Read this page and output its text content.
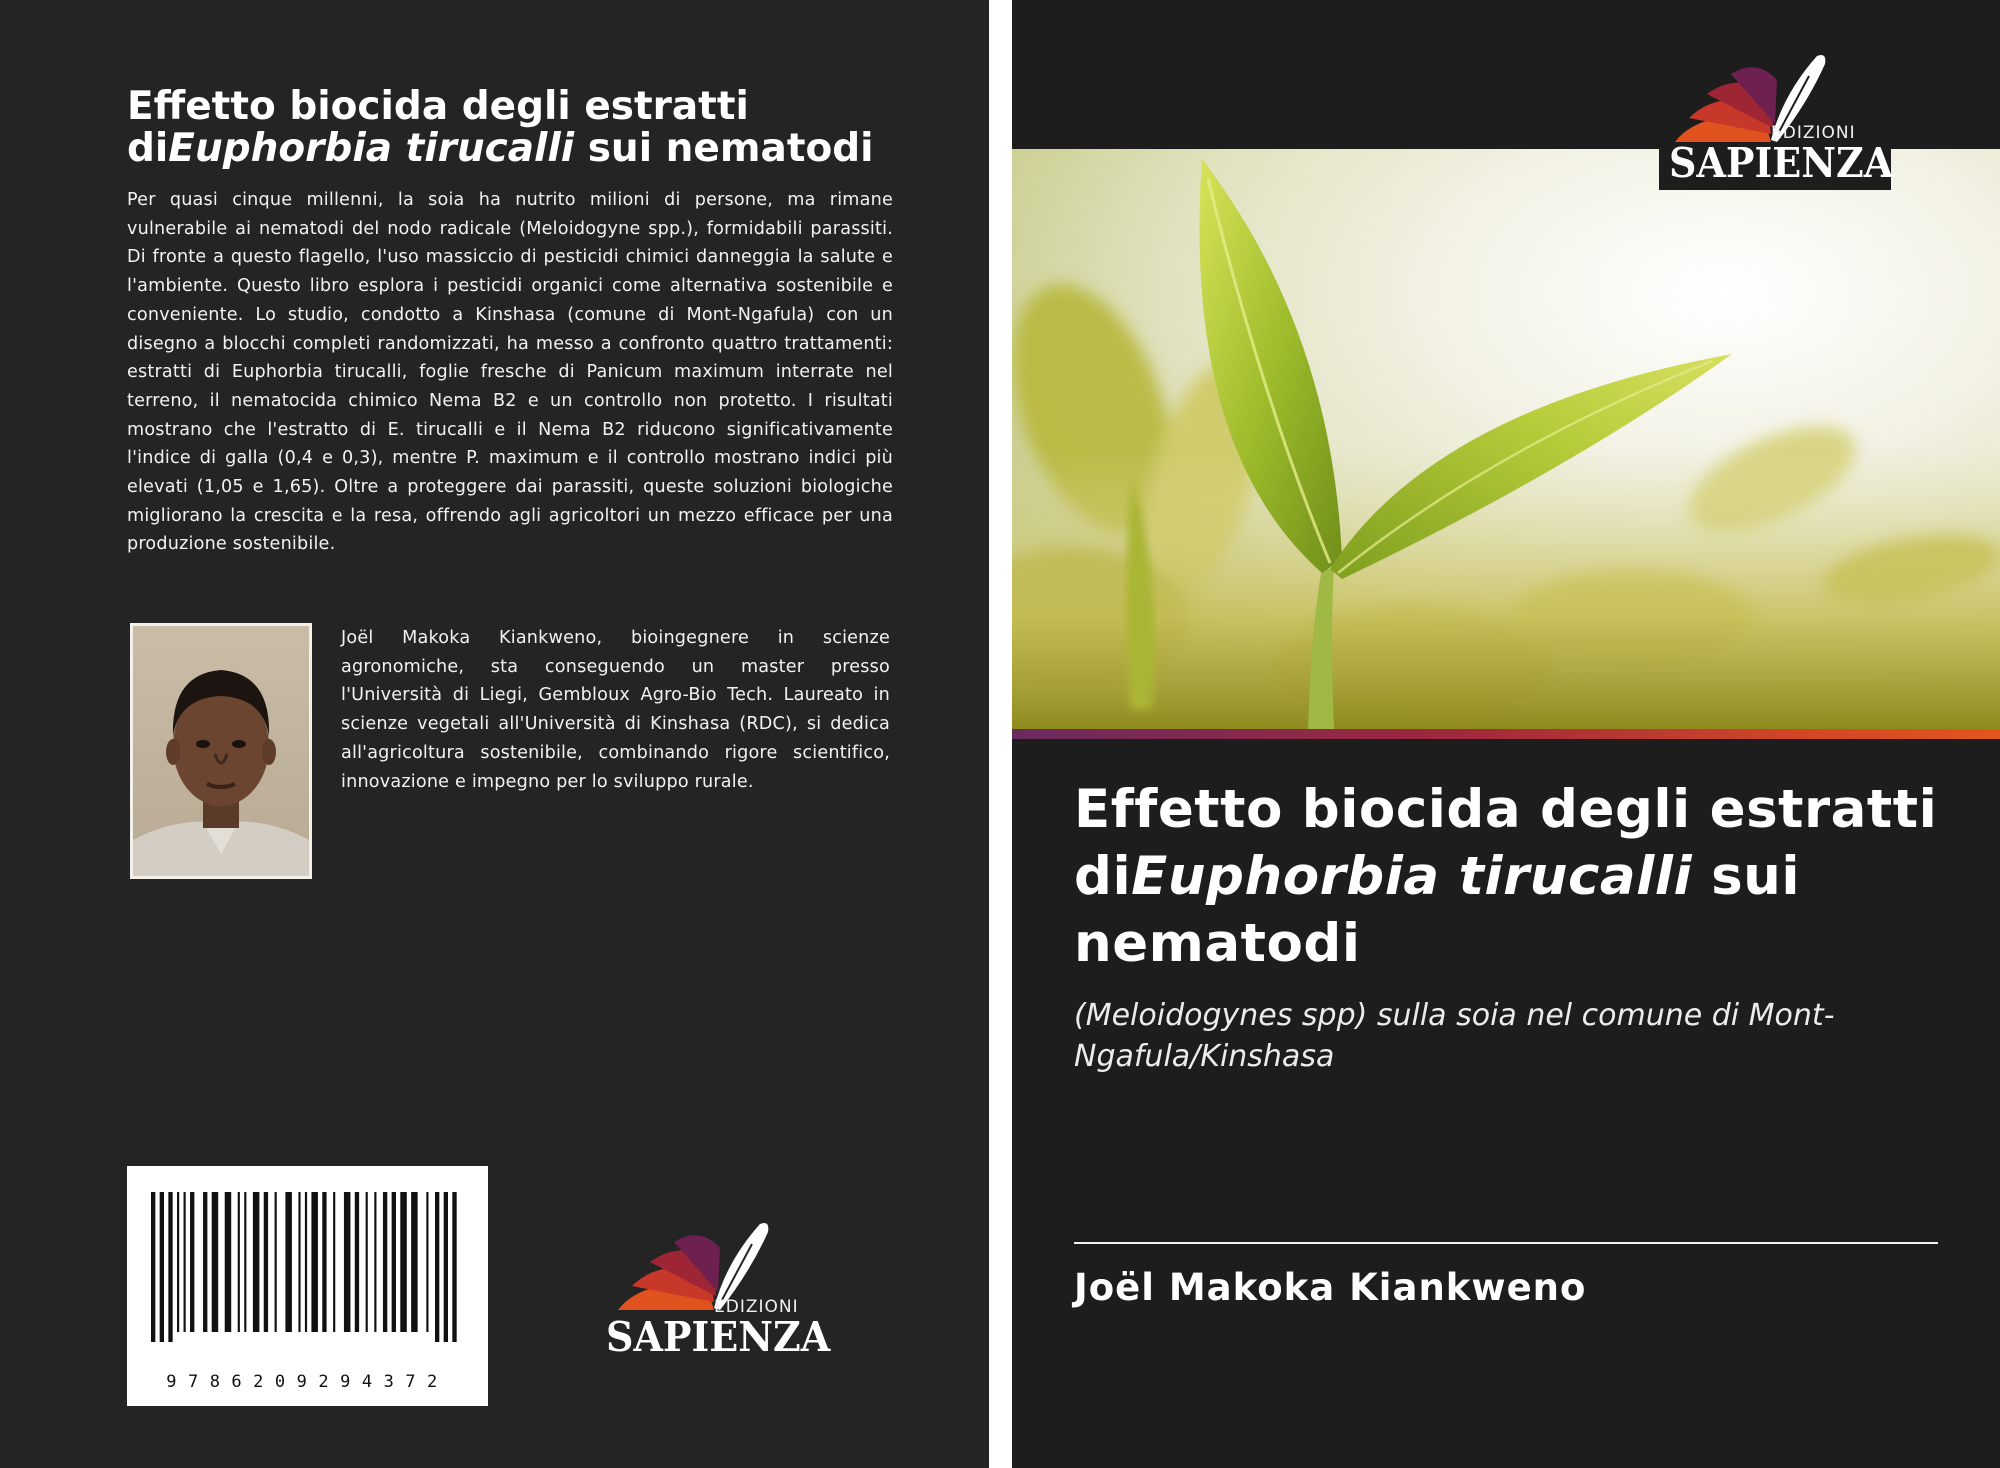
Effetto biocida degli estratti diEuphorbia tirucalli sui nematodi

Per quasi cinque millenni, la soia ha nutrito milioni di persone, ma rimane vulnerabile ai nematodi del nodo radicale (Meloidogyne spp.), formidabili parassiti. Di fronte a questo flagello, l'uso massiccio di pesticidi chimici danneggia la salute e l'ambiente. Questo libro esplora i pesticidi organici come alternativa sostenibile e conveniente. Lo studio, condotto a Kinshasa (comune di Mont-Ngafula) con un disegno a blocchi completi randomizzati, ha messo a confronto quattro trattamenti: estratti di Euphorbia tirucalli, foglie fresche di Panicum maximum interrate nel terreno, il nematocida chimico Nema B2 e un controllo non protetto. I risultati mostrano che l'estratto di E. tirucalli e il Nema B2 riducono significativamente l'indice di galla (0,4 e 0,3), mentre P. maximum e il controllo mostrano indici più elevati (1,05 e 1,65). Oltre a proteggere dai parassiti, queste soluzioni biologiche migliorano la crescita e la resa, offrendo agli agricoltori un mezzo efficace per una produzione sostenibile.

Joël Makoka Kiankweno, bioingegnere in scienze agronomiche, sta conseguendo un master presso l'Università di Liegi, Gembloux Agro-Bio Tech. Laureato in scienze vegetali all'Università di Kinshasa (RDC), si dedica all'agricoltura sostenibile, combinando rigore scientifico, innovazione e impegno per lo sviluppo rurale.

9786209294372
EDIZIONI
SAPIENZA
EDIZIONI
SAPIENZA
Effetto biocida degli estratti diEuphorbia tirucalli sui nematodi

(Meloidogynes spp) sulla soia nel comune di Mont-Ngafula/Kinshasa

Joël Makoka Kiankweno
